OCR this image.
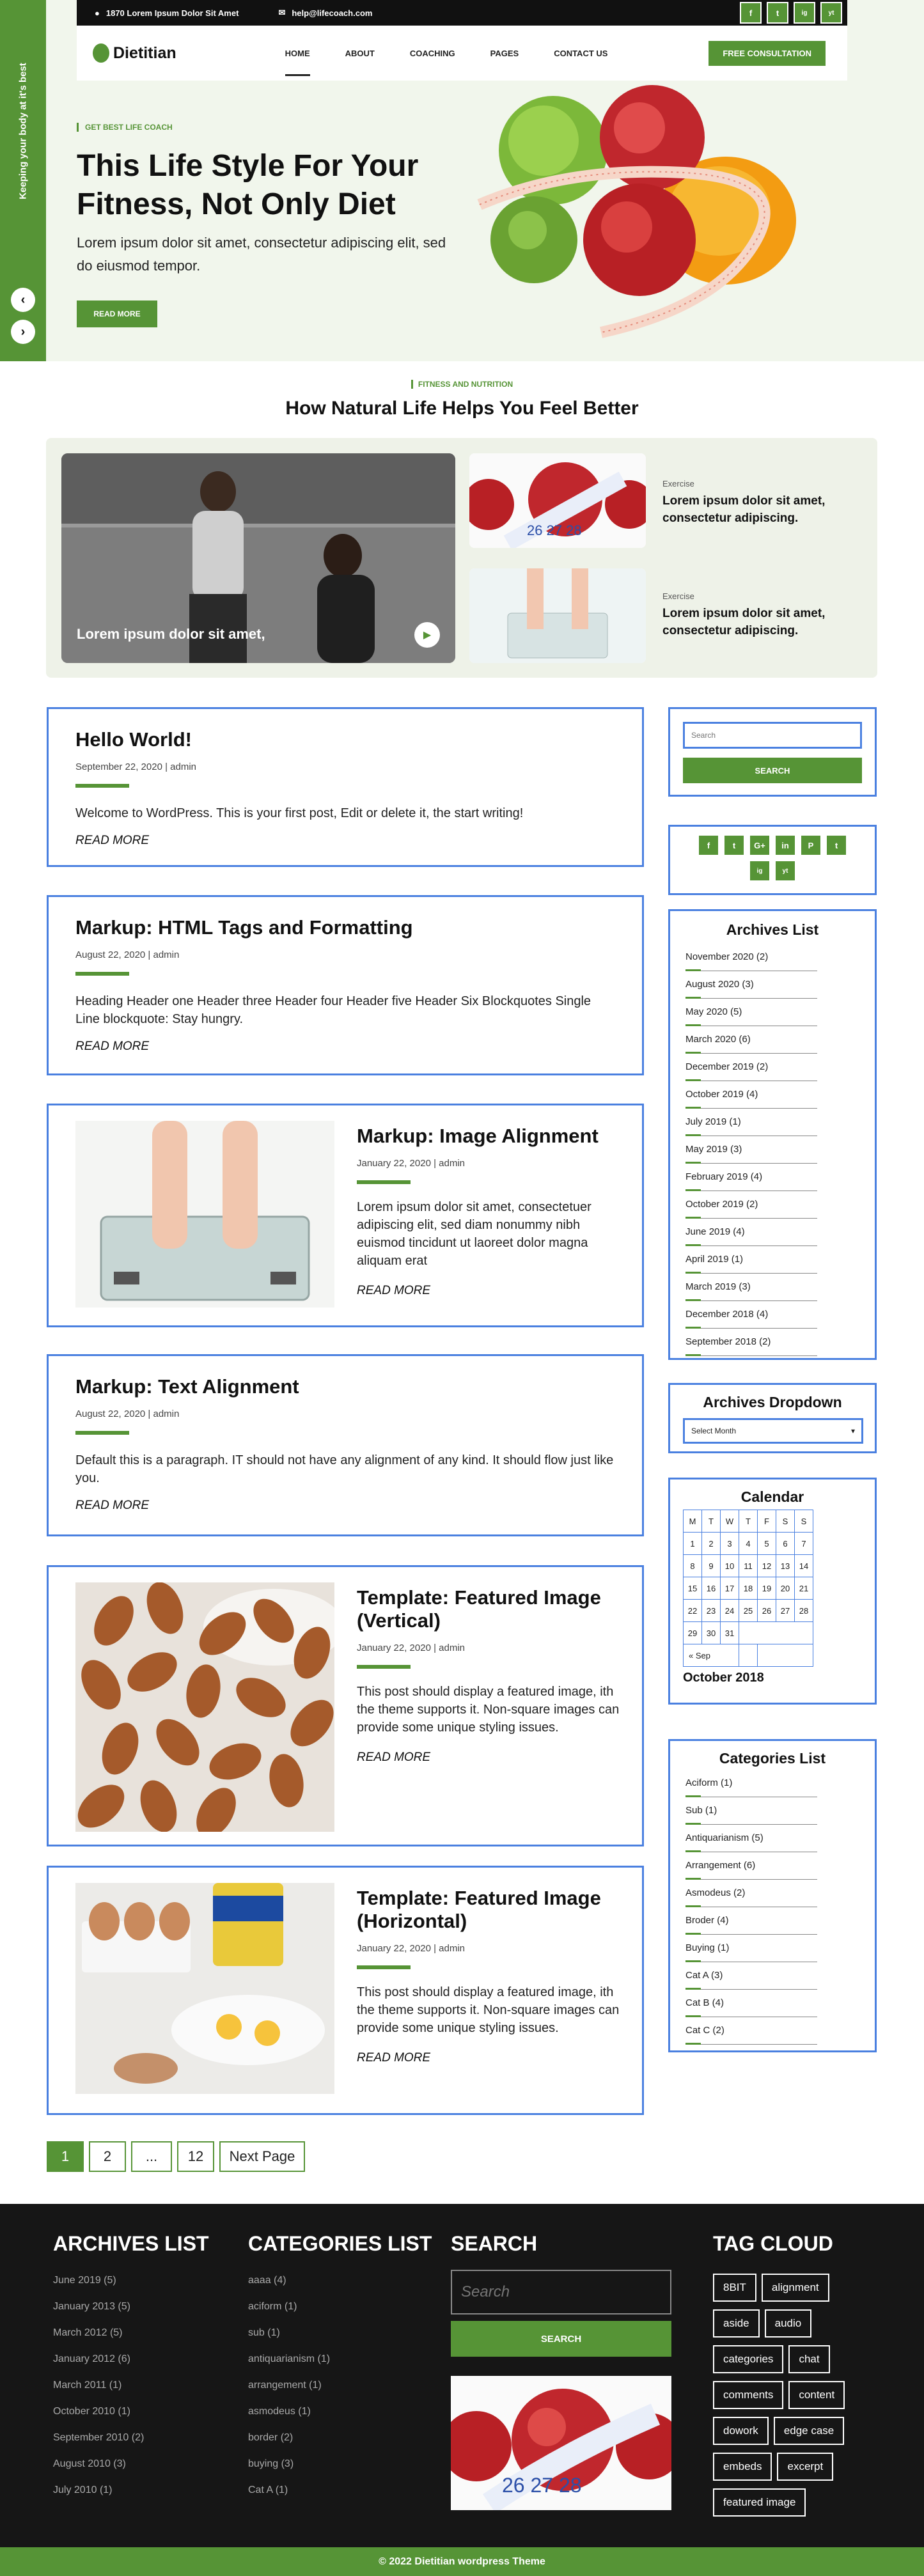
Keeping your body at it's best
‹
›
GET BEST LIFE COACH
This Life Style For Your Fitness, Not Only Diet

Lorem ipsum dolor sit amet, consectetur adipiscing elit, sed do eiusmod tempor.

READ MORE
● 1870 Lorem Ipsum Dolor Sit Amet	✉ help@lifecoach.com	f	t	ig	yt
Dietitian	HOME	ABOUT	COACHING	PAGES	CONTACT US	FREE CONSULTATION
FITNESS AND NUTRITION
How Natural Life Helps You Feel Better
Lorem ipsum dolor sit amet,	▶
26 27 28
Exercise
Lorem ipsum dolor sit amet, consectetur adipiscing.
Exercise
Lorem ipsum dolor sit amet, consectetur adipiscing.
Hello World!
September 22, 2020 | admin
Welcome to WordPress. This is your first post, Edit or delete it, the start writing!
READ MORE
Markup: HTML Tags and Formatting
August 22, 2020 | admin
Heading Header one Header three Header four Header five Header Six Blockquotes Single Line blockquote: Stay hungry.
READ MORE
Markup: Image Alignment
January 22, 2020 | admin
Lorem ipsum dolor sit amet, consectetuer adipiscing elit, sed diam nonummy nibh euismod tincidunt ut laoreet dolor magna aliquam erat
READ MORE
Markup: Text Alignment
August 22, 2020 | admin
Default this is a paragraph. IT should not have any alignment of any kind. It should flow just like you.
READ MORE
Template: Featured Image (Vertical)
January 22, 2020 | admin
This post should display a featured image, ith the theme supports it. Non-square images can provide some unique styling issues.
READ MORE
Template: Featured Image (Horizontal)
January 22, 2020 | admin
This post should display a featured image, ith the theme supports it. Non-square images can provide some unique styling issues.
READ MORE
Search
SEARCH
f	t	G+	in	P	t
ig	yt
Archives List
November 2020 (2)
August 2020 (3)
May 2020 (5)
March 2020 (6)
December 2019 (2)
October 2019 (4)
July 2019 (1)
May 2019 (3)
February 2019 (4)
October 2019 (2)
June 2019 (4)
April 2019 (1)
March 2019 (3)
December 2018 (4)
September 2018 (2)
Archives Dropdown
Select Month	▾
Calendar
M	T	W	T	F	S	S
1	2	3	4	5	6	7
8	9	10	11	12	13	14
15	16	17	18	19	20	21
22	23	24	25	26	27	28
29	30	31				
« Sep						
October 2018
Categories List
Aciform (1)
Sub (1)
Antiquarianism (5)
Arrangement (6)
Asmodeus (2)
Broder (4)
Buying (1)
Cat A (3)
Cat B (4)
Cat C (2)
1	2	...	12	Next Page
ARCHIVES LIST
June 2019 (5)
January 2013 (5)
March 2012 (5)
January 2012 (6)
March 2011 (1)
October 2010 (1)
September 2010 (2)
August 2010 (3)
July 2010 (1)
CATEGORIES LIST
aaaa (4)
aciform (1)
sub (1)
antiquarianism (1)
arrangement (1)
asmodeus (1)
border (2)
buying (3)
Cat A (1)
SEARCH
Search
SEARCH
26 27 28
TAG CLOUD
8BIT alignment aside audio categories chat comments content dowork edge case embeds excerpt featured image
© 2022 Dietitian wordpress Theme
